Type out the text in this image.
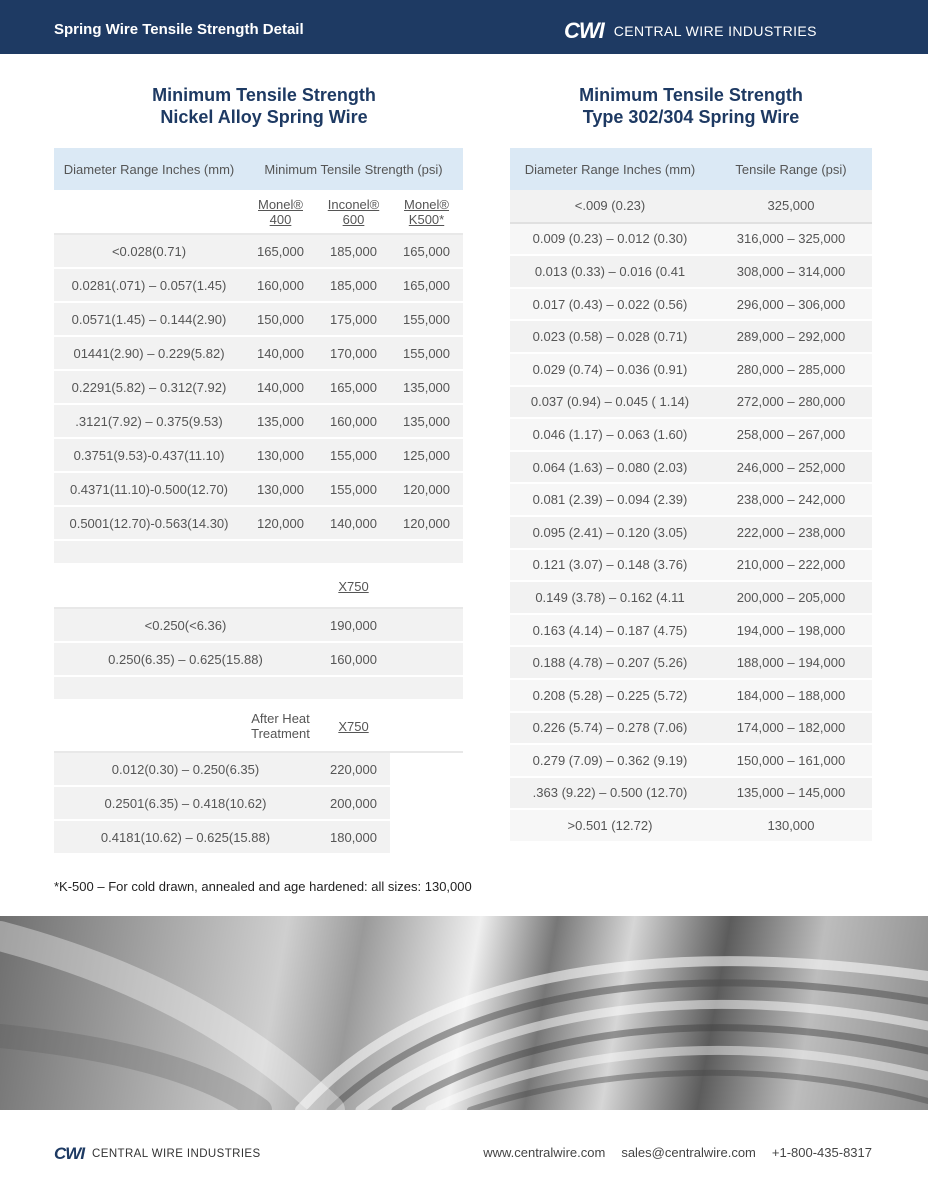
Spring Wire Tensile Strength Detail	CWI CENTRAL WIRE INDUSTRIES
Minimum Tensile Strength
Nickel Alloy Spring Wire
Minimum Tensile Strength
Type 302/304 Spring Wire
Diameter Range Inches (mm)	Minimum Tensile Strength (psi)		

	Monel® 400	Inconel® 600	Monel® K500*

<0.028(0.71)	165,000	185,000	165,000
0.0281(.071) – 0.057(1.45)	160,000	185,000	165,000
0.0571(1.45) – 0.144(2.90)	150,000	175,000	155,000
01441(2.90) – 0.229(5.82)	140,000	170,000	155,000
0.2291(5.82) – 0.312(7.92)	140,000	165,000	135,000
.3121(7.92) – 0.375(9.53)	135,000	160,000	135,000
0.3751(9.53)-0.437(11.10)	130,000	155,000	125,000
0.4371(11.10)-0.500(12.70)	130,000	155,000	120,000
0.5001(12.70)-0.563(14.30)	120,000	140,000	120,000

		X750	

<0.250(<6.36)		190,000	
0.250(6.35) – 0.625(15.88)		160,000	

	After Heat Treatment	X750	

0.012(0.30) – 0.250(6.35)		220,000	
0.2501(6.35) – 0.418(10.62)		200,000	
0.4181(10.62) – 0.625(15.88)		180,000	
Diameter Range Inches (mm)	Tensile Range (psi)
<.009 (0.23)	325,000
0.009 (0.23) – 0.012 (0.30)	316,000 – 325,000
0.013 (0.33) – 0.016 (0.41	308,000 – 314,000
0.017 (0.43) – 0.022 (0.56)	296,000 – 306,000
0.023 (0.58) – 0.028 (0.71)	289,000 – 292,000
0.029 (0.74) – 0.036 (0.91)	280,000 – 285,000
0.037 (0.94) – 0.045 ( 1.14)	272,000 – 280,000
0.046 (1.17) – 0.063 (1.60)	258,000 – 267,000
0.064 (1.63) – 0.080 (2.03)	246,000 – 252,000
0.081 (2.39) – 0.094 (2.39)	238,000 – 242,000
0.095 (2.41) – 0.120 (3.05)	222,000 – 238,000
0.121 (3.07) – 0.148 (3.76)	210,000 – 222,000
0.149 (3.78) – 0.162 (4.11	200,000 – 205,000
0.163 (4.14) – 0.187 (4.75)	194,000 – 198,000
0.188 (4.78) – 0.207 (5.26)	188,000 – 194,000
0.208 (5.28) – 0.225 (5.72)	184,000 – 188,000
0.226 (5.74) – 0.278 (7.06)	174,000 – 182,000
0.279 (7.09) – 0.362 (9.19)	150,000 – 161,000
.363 (9.22) – 0.500 (12.70)	135,000 – 145,000
>0.501 (12.72)	130,000
*K-500 – For cold drawn, annealed and age hardened: all sizes: 130,000
CWI CENTRAL WIRE INDUSTRIES	www.centralwire.com sales@centralwire.com +1-800-435-8317
